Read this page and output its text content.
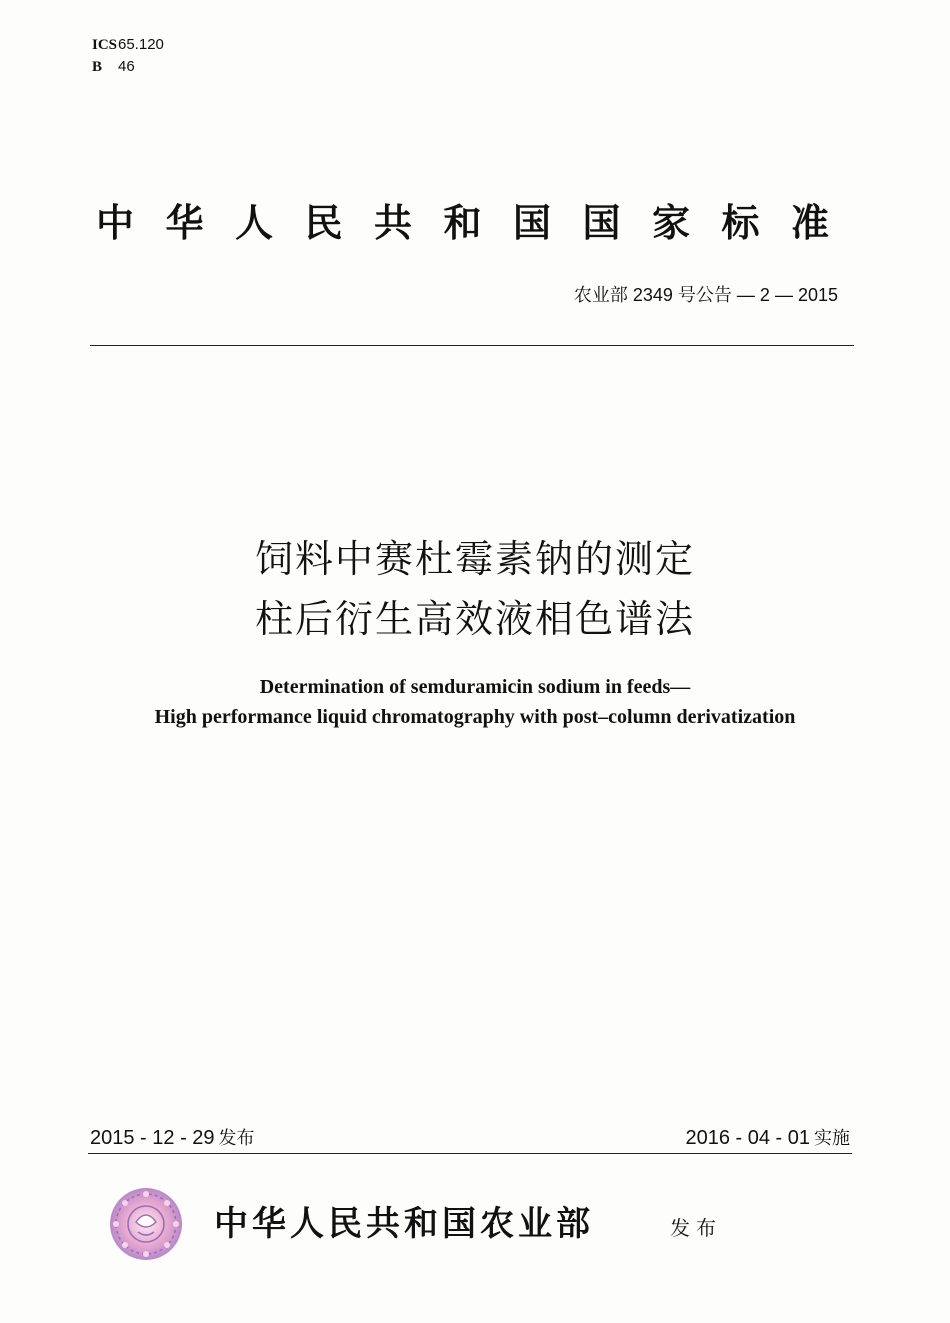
ICS65.120
B 46
中华人民共和国国家标准
农业部 2349 号公告 — 2 — 2015
饲料中赛杜霉素钠的测定
柱后衍生高效液相色谱法
Determination of semduramicin sodium in feeds—
High performance liquid chromatography with post–column derivatization
2015 - 12 - 29 发布	2016 - 04 - 01 实施
中华人民共和国农业部	发布
